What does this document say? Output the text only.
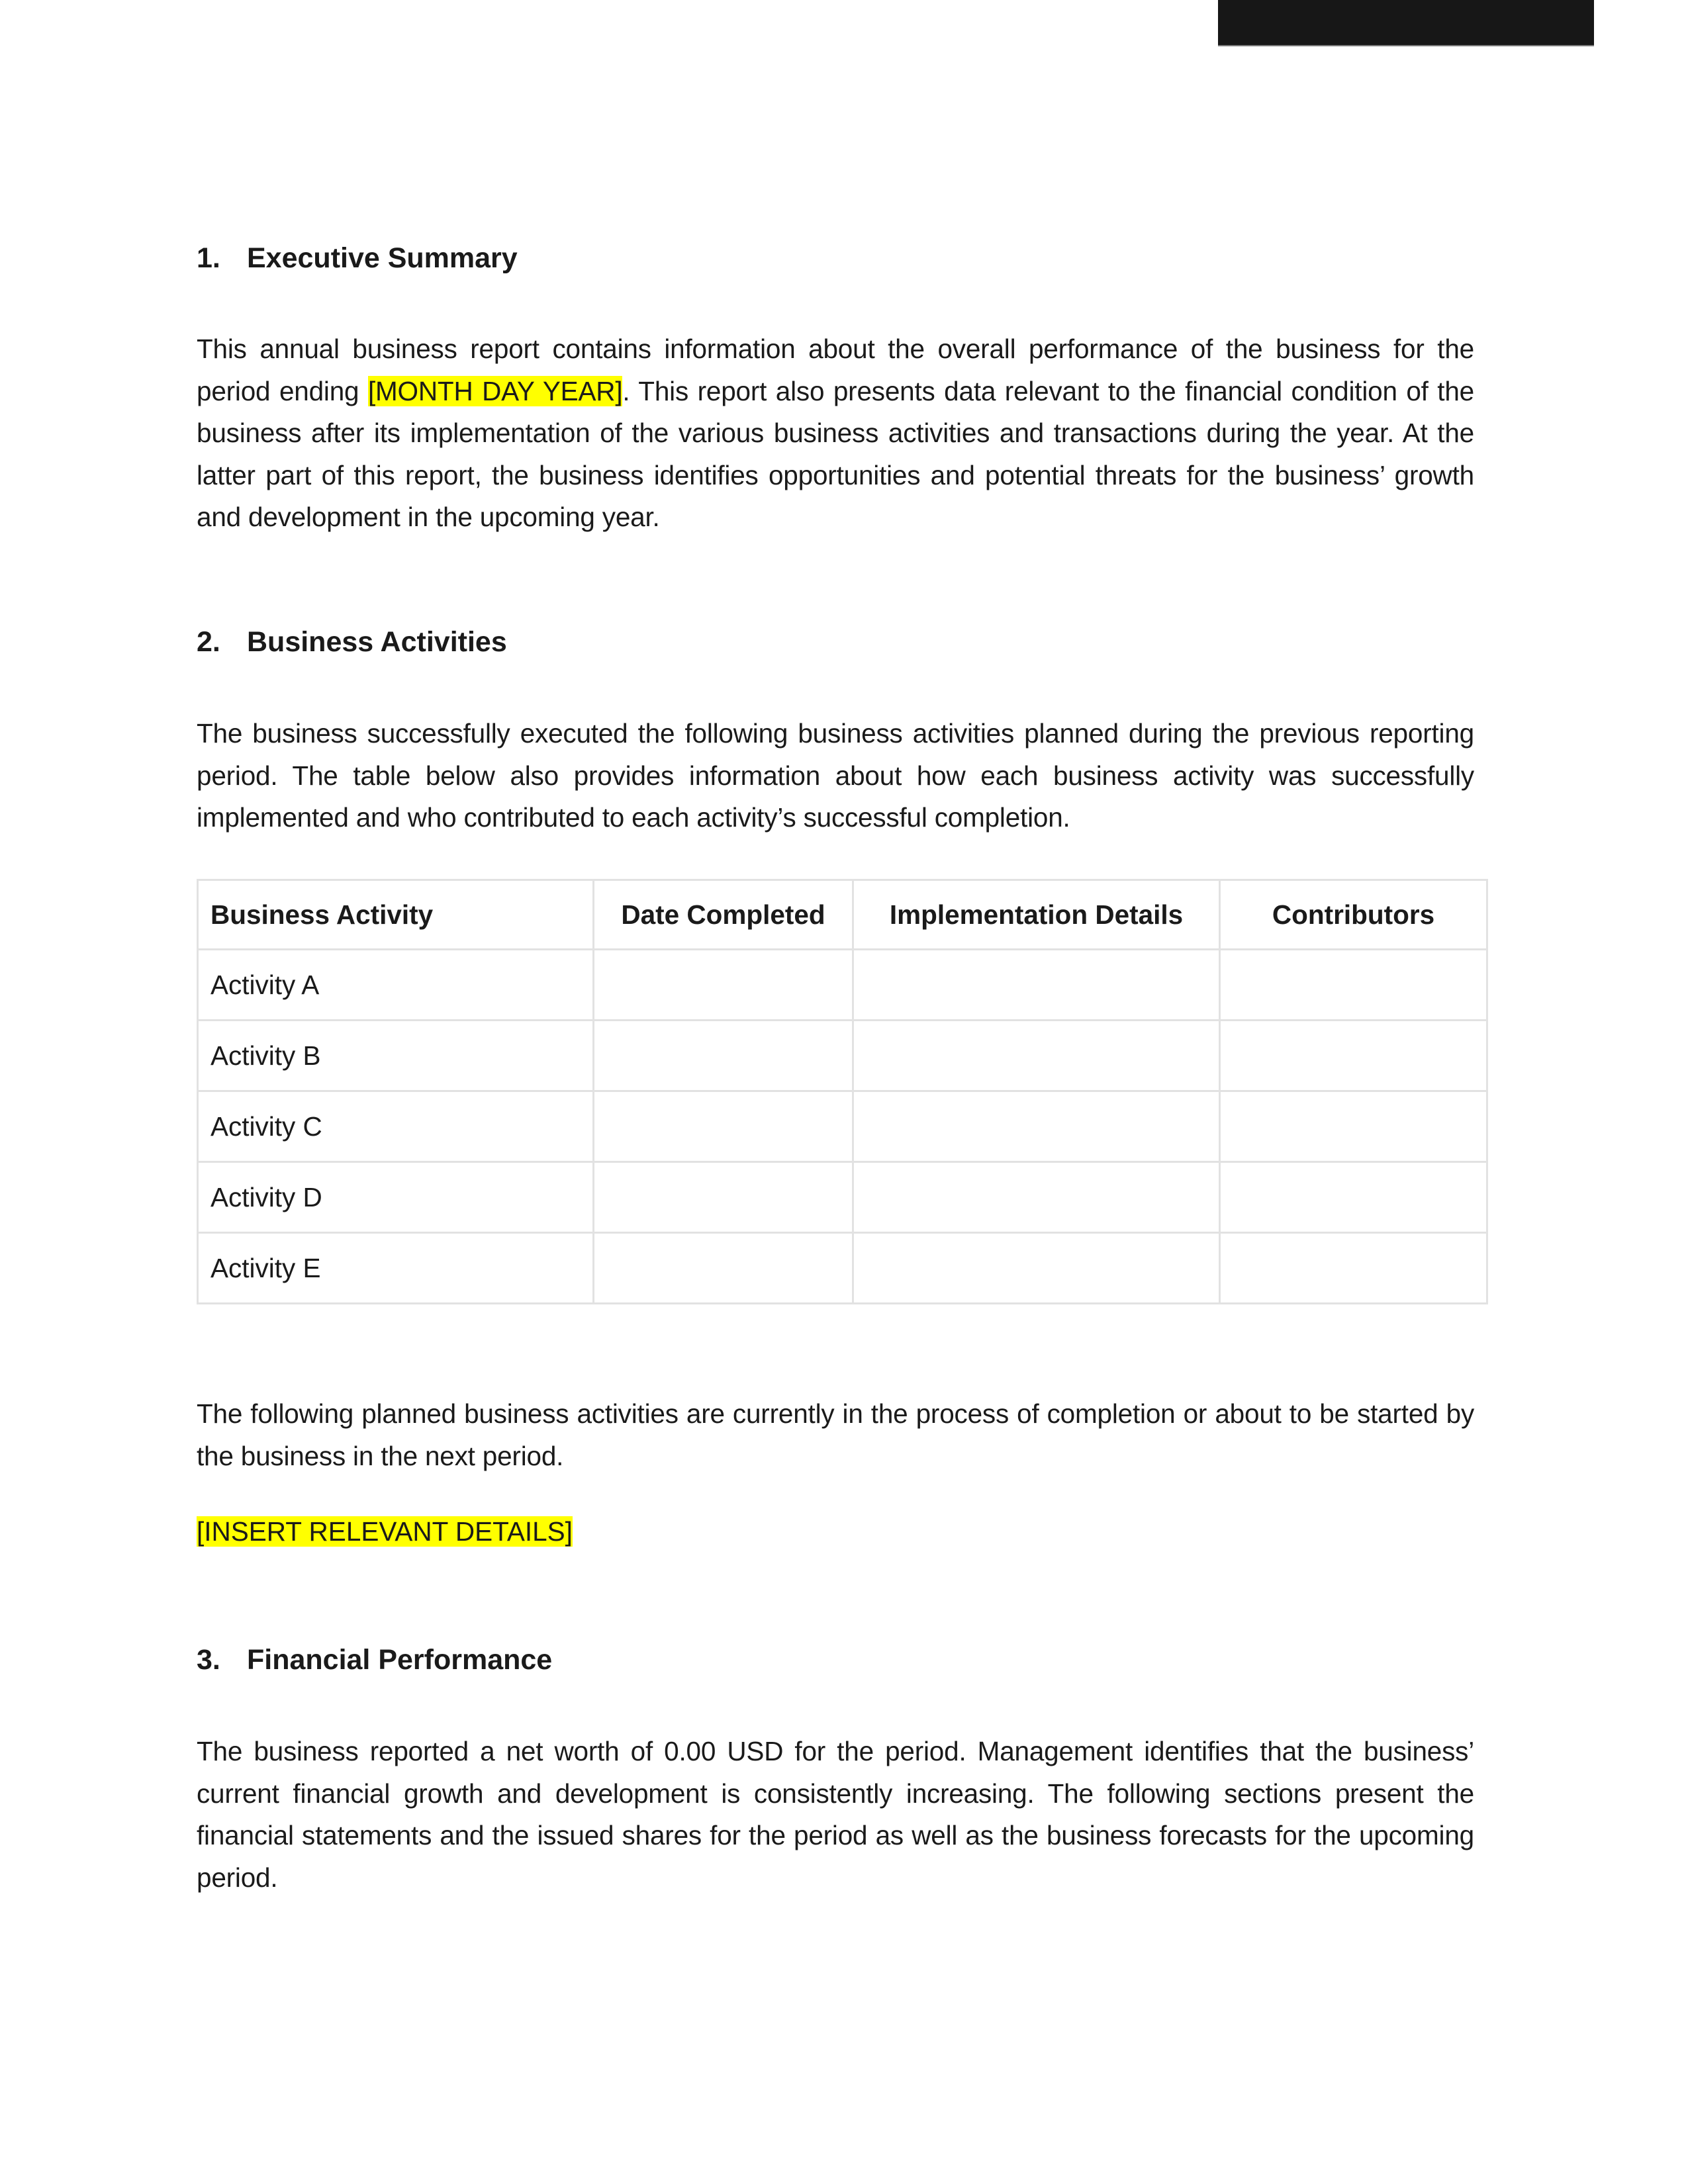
1. Executive Summary

This annual business report contains information about the overall performance of the business for the period ending [MONTH DAY YEAR]. This report also presents data relevant to the financial condition of the business after its implementation of the various business activities and transactions during the year. At the latter part of this report, the business identifies opportunities and potential threats for the business’ growth and development in the upcoming year.

2. Business Activities

The business successfully executed the following business activities planned during the previous reporting period. The table below also provides information about how each business activity was successfully implemented and who contributed to each activity’s successful completion.

Business Activity	Date Completed	Implementation Details	Contributors
Activity A			
Activity B			
Activity C			
Activity D			
Activity E			

The following planned business activities are currently in the process of completion or about to be started by the business in the next period.

[INSERT RELEVANT DETAILS]

3. Financial Performance

The business reported a net worth of 0.00 USD for the period. Management identifies that the business’ current financial growth and development is consistently increasing. The following sections present the financial statements and the issued shares for the period as well as the business forecasts for the upcoming period.
